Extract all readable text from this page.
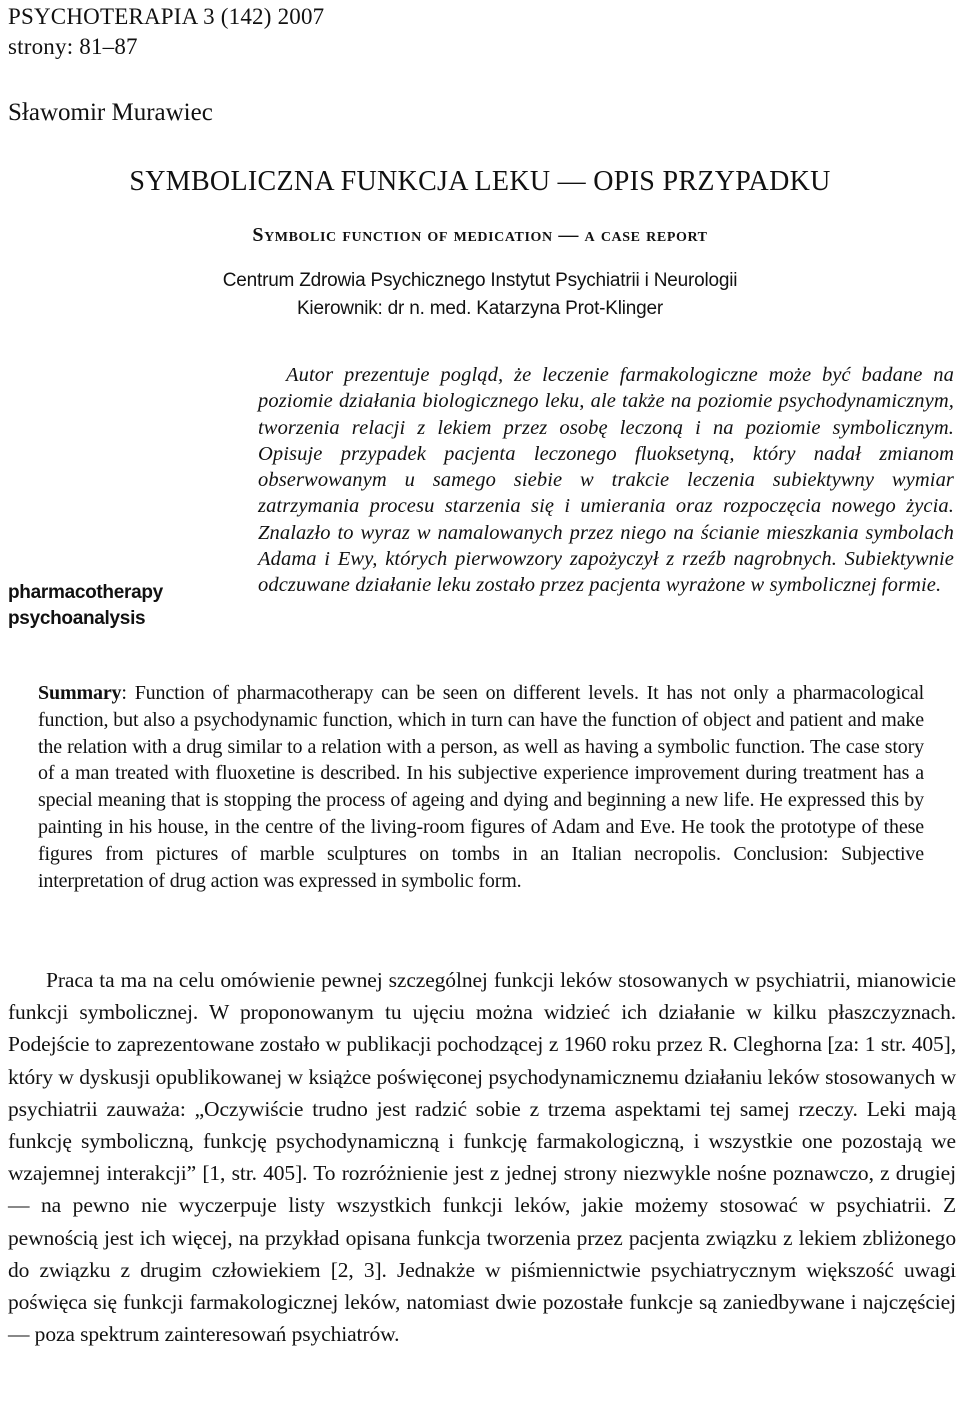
PSYCHOTERAPIA 3 (142) 2007
strony: 81–87
Sławomir Murawiec
SYMBOLICZNA FUNKCJA LEKU — OPIS PRZYPADKU
Symbolic function of medication — a case report
Centrum Zdrowia Psychicznego Instytut Psychiatrii i Neurologii
Kierownik: dr n. med. Katarzyna Prot-Klinger
Autor prezentuje pogląd, że leczenie farmakologiczne może być badane na poziomie działania biologicznego leku, ale także na poziomie psychodynamicznym, tworzenia relacji z lekiem przez osobę leczoną i na poziomie symbolicznym. Opisuje przypadek pacjenta leczonego fluoksetyną, który nadał zmianom obserwowanym u samego siebie w trakcie leczenia subiektywny wymiar zatrzymania procesu starzenia się i umierania oraz rozpoczęcia nowego życia. Znalazło to wyraz w namalowanych przez niego na ścianie mieszkania symbolach Adama i Ewy, których pierwowzory zapożyczył z rzeźb nagrobnych. Subiektywnie odczuwane działanie leku zostało przez pacjenta wyrażone w symbolicznej formie.
pharmacotherapy
psychoanalysis
Summary: Function of pharmacotherapy can be seen on different levels. It has not only a pharmacological function, but also a psychodynamic function, which in turn can have the function of object and patient and make the relation with a drug similar to a relation with a person, as well as having a symbolic function. The case story of a man treated with fluoxetine is described. In his subjective experience improvement during treatment has a special meaning that is stopping the process of ageing and dying and beginning a new life. He expressed this by painting in his house, in the centre of the living-room figures of Adam and Eve. He took the prototype of these figures from pictures of marble sculptures on tombs in an Italian necropolis. Conclusion: Subjective interpretation of drug action was expressed in symbolic form.
Praca ta ma na celu omówienie pewnej szczególnej funkcji leków stosowanych w psychiatrii, mianowicie funkcji symbolicznej. W proponowanym tu ujęciu można widzieć ich działanie w kilku płaszczyznach. Podejście to zaprezentowane zostało w publikacji pochodzącej z 1960 roku przez R. Cleghorna [za: 1 str. 405], który w dyskusji opublikowanej w książce poświęconej psychodynamicznemu działaniu leków stosowanych w psychiatrii zauważa: „Oczywiście trudno jest radzić sobie z trzema aspektami tej samej rzeczy. Leki mają funkcję symboliczną, funkcję psychodynamiczną i funkcję farmakologiczną, i wszystkie one pozostają we wzajemnej interakcji” [1, str. 405]. To rozróżnienie jest z jednej strony niezwykle nośne poznawczo, z drugiej — na pewno nie wyczerpuje listy wszystkich funkcji leków, jakie możemy stosować w psychiatrii. Z pewnością jest ich więcej, na przykład opisana funkcja tworzenia przez pacjenta związku z lekiem zbliżonego do związku z drugim człowiekiem [2, 3]. Jednakże w piśmiennictwie psychiatrycznym większość uwagi poświęca się funkcji farmakologicznej leków, natomiast dwie pozostałe funkcje są zaniedbywane i najczęściej — poza spektrum zainteresowań psychiatrów.
